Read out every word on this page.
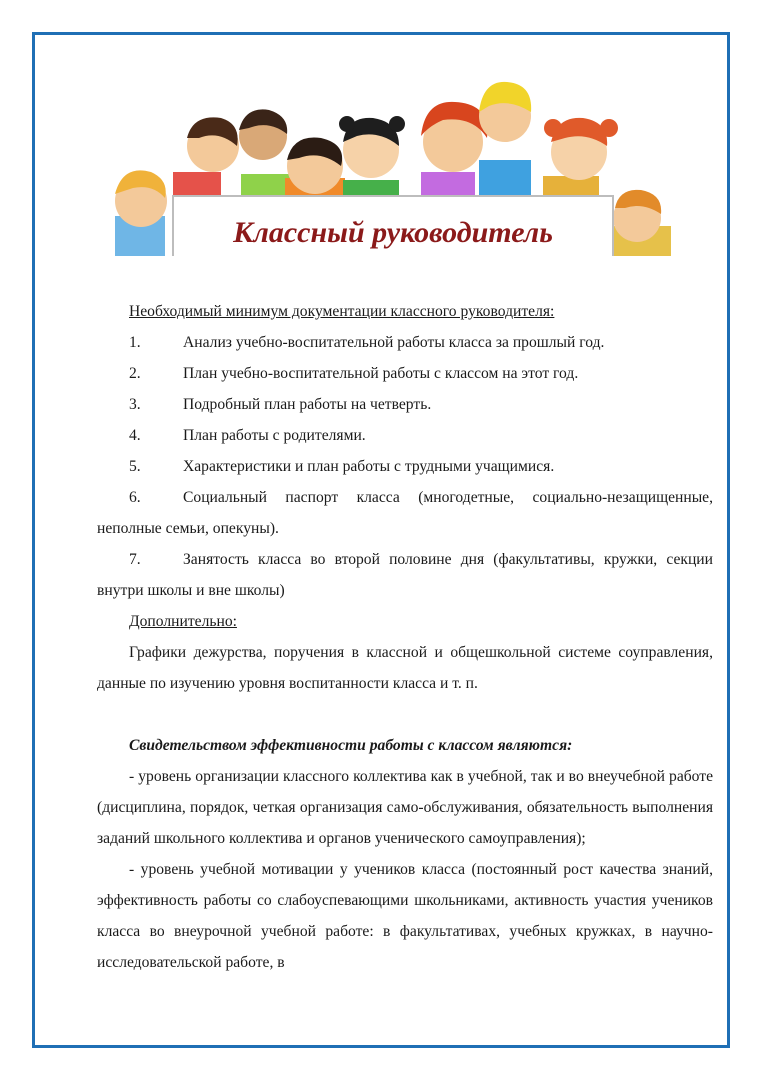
Классный руководитель

Необходимый минимум документации классного руководителя:

1.	Анализ учебно-воспитательной работы класса за прошлый год.
2.	План учебно-воспитательной работы с классом на этот год.
3.	Подробный план работы на четверть.
4.	План работы с родителями.
5.	Характеристики и план работы с трудными учащимися.

6.	Социальный паспорт класса (многодетные, социально-незащищенные, неполные семьи, опекуны).

7.	Занятость класса во второй половине дня (факультативы, кружки, секции внутри школы и вне школы)

Дополнительно:

Графики дежурства, поручения в классной и общешкольной системе соуправления, данные по изучению уровня воспитанности класса и т. п.

Свидетельством эффективности работы с классом являются:

- уровень организации классного коллектива как в учебной, так и во внеучебной работе (дисциплина, порядок, четкая организация само-обслуживания, обязательность выполнения заданий школьного коллектива и органов ученического самоуправления);

- уровень учебной мотивации у учеников класса (постоянный рост качества знаний, эффективность работы со слабоуспевающими школьниками, активность участия учеников класса во внеурочной учебной работе: в факультативах, учебных кружках, в научно-исследовательской работе, в
